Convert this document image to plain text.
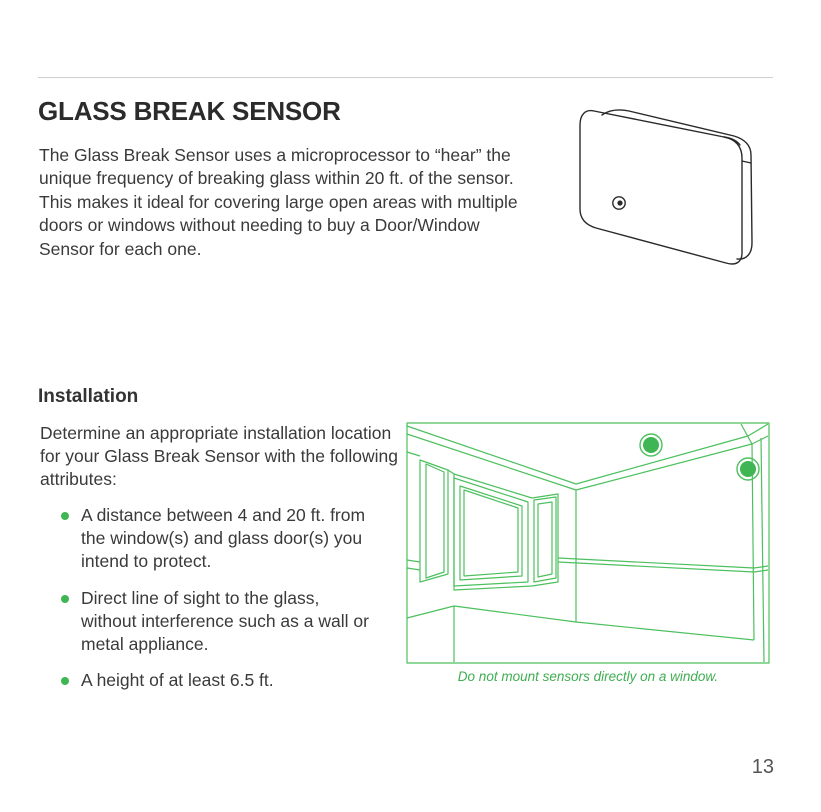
GLASS BREAK SENSOR

The Glass Break Sensor uses a microprocessor to “hear” the unique frequency of breaking glass within 20 ft. of the sensor. This makes it ideal for covering large open areas with multiple doors or windows without needing to buy a Door/Window Sensor for each one.

Installation

Determine an appropriate installation location for your Glass Break Sensor with the following attributes:

A distance between 4 and 20 ft. from the window(s) and glass door(s) you intend to protect.
Direct line of sight to the glass, without interference such as a wall or metal appliance.
A height of at least 6.5 ft.	Do not mount sensors directly on a window.

13
